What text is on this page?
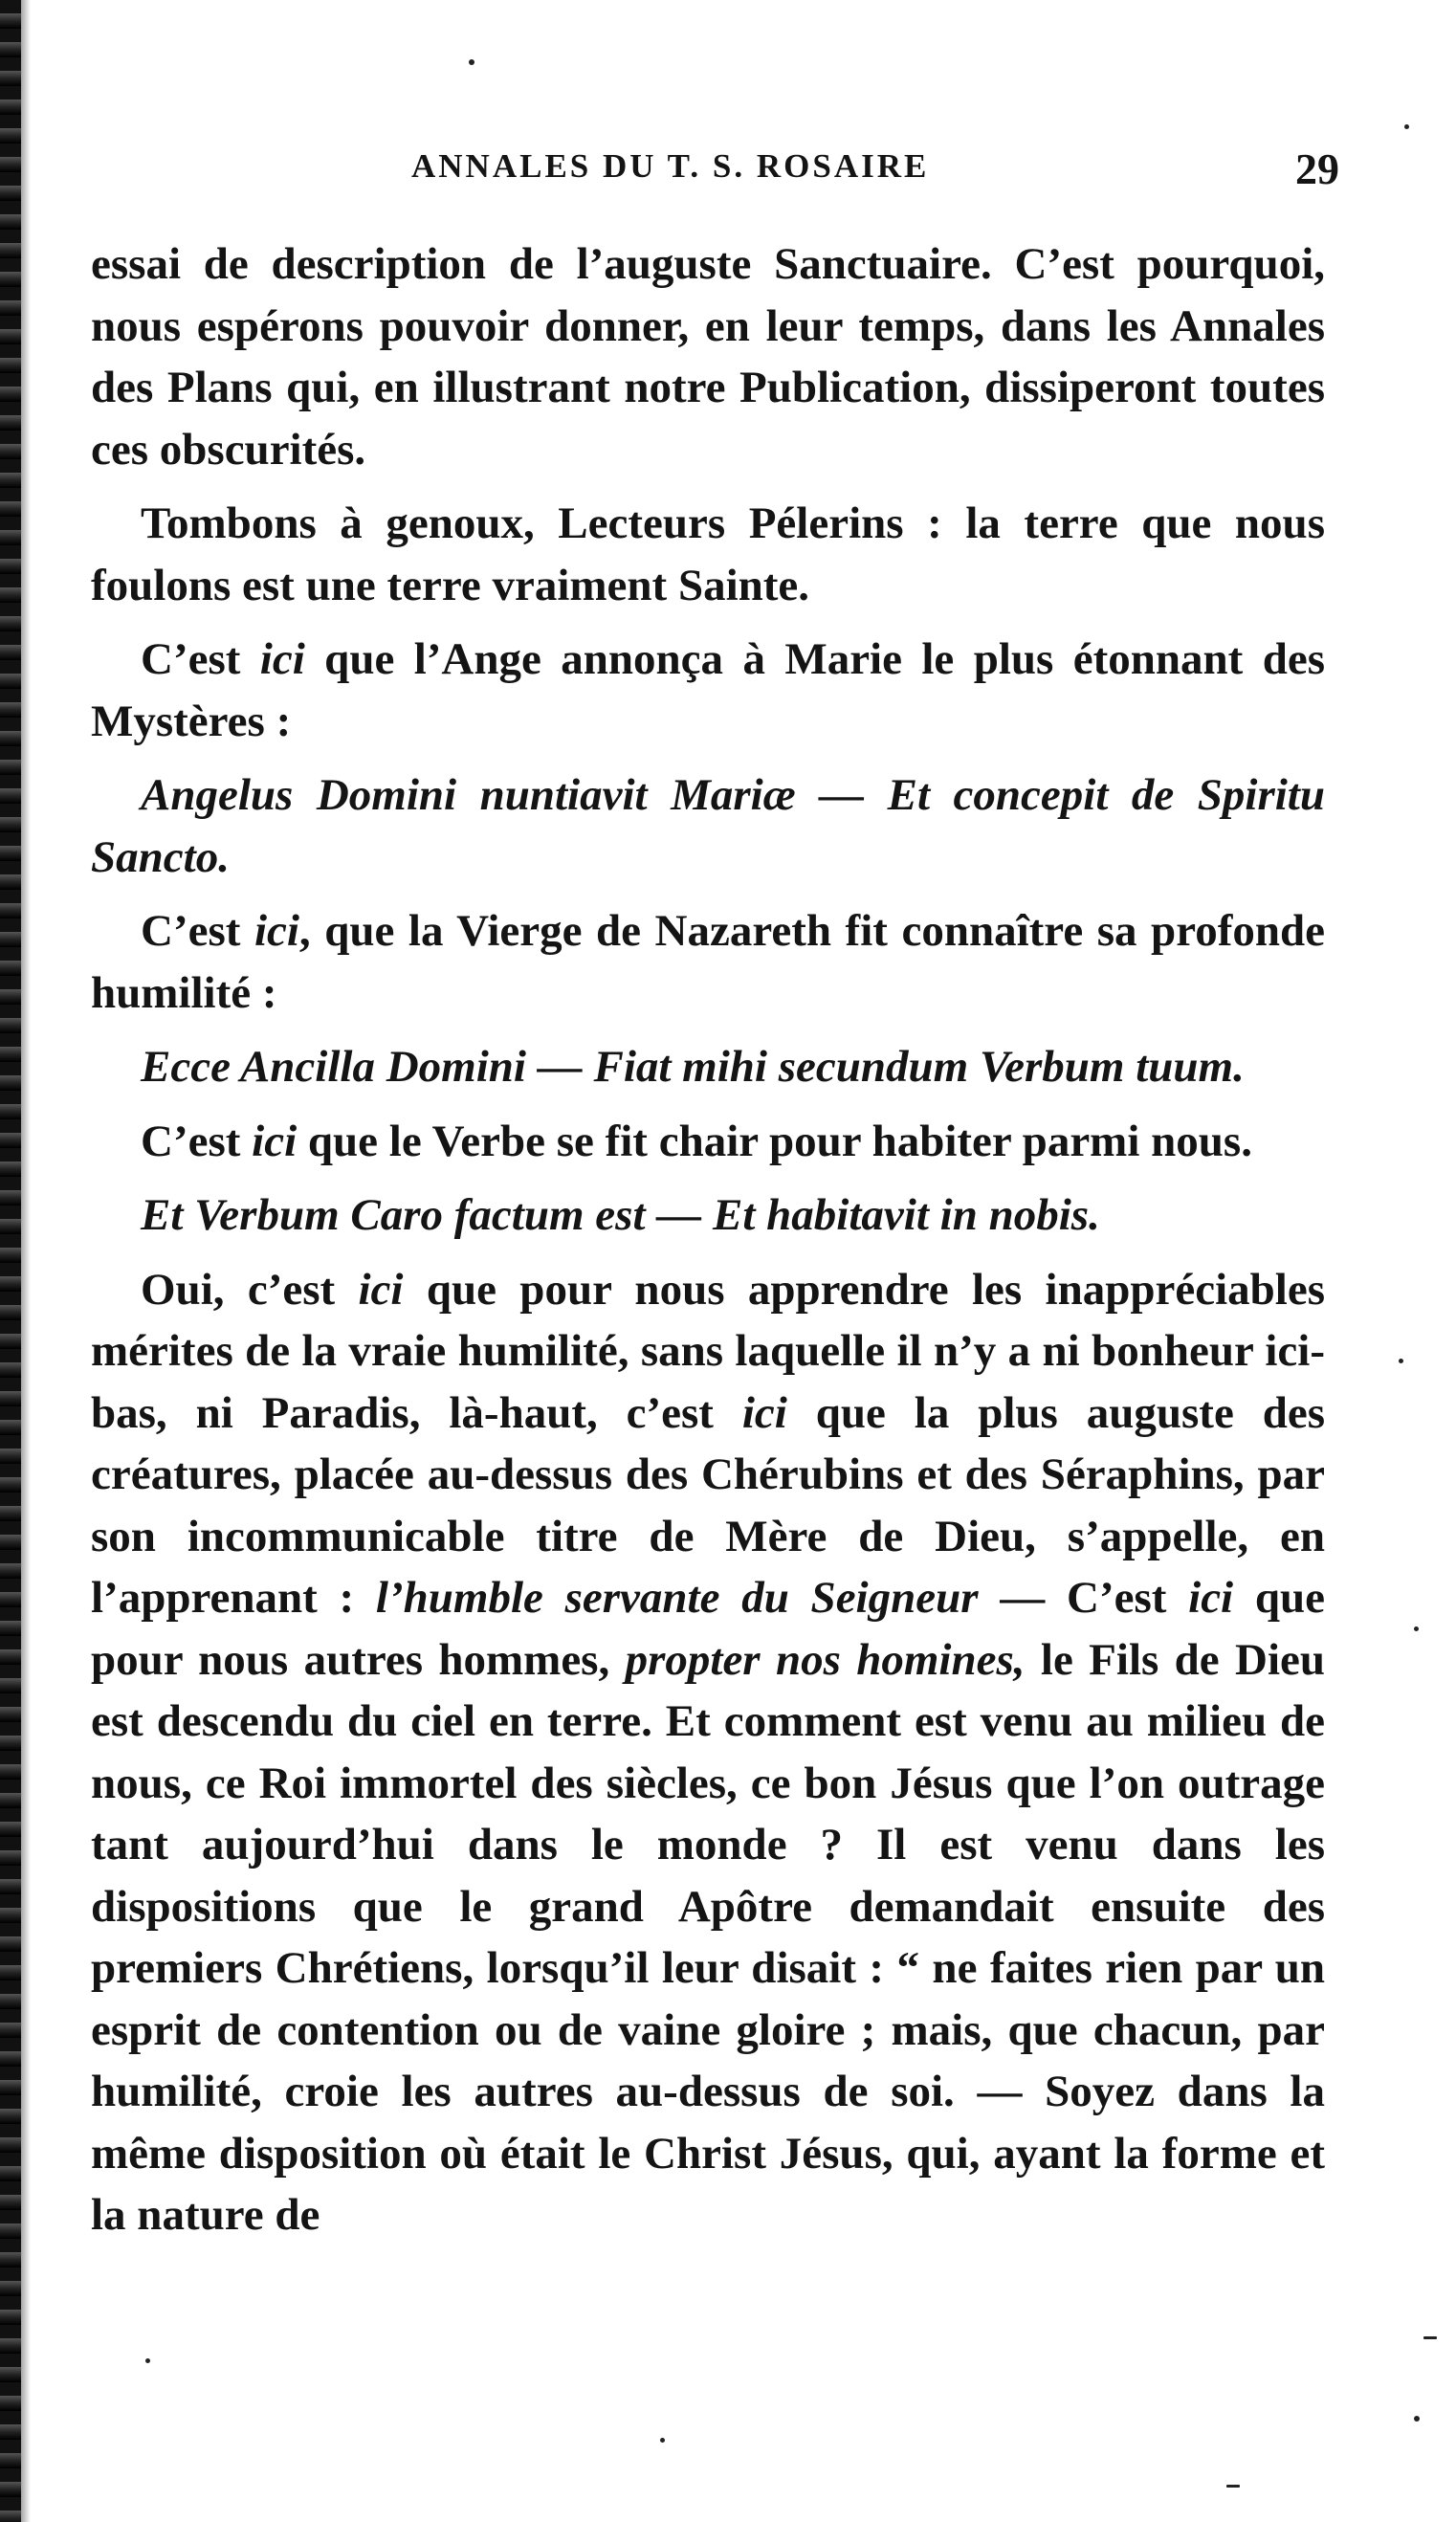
ANNALES DU T. S. ROSAIRE	29

essai de description de l’auguste Sanctuaire. C’est pourquoi, nous espérons pouvoir donner, en leur temps, dans les Annales des Plans qui, en illustrant notre Publication, dissiperont toutes ces obscurités.

Tombons à genoux, Lecteurs Pélerins : la terre que nous foulons est une terre vraiment Sainte.

C’est ici que l’Ange annonça à Marie le plus étonnant des Mystères :

Angelus Domini nuntiavit Mariæ — Et concepit de Spiritu Sancto.

C’est ici, que la Vierge de Nazareth fit connaître sa profonde humilité :

Ecce Ancilla Domini — Fiat mihi secundum Verbum tuum.

C’est ici que le Verbe se fit chair pour habiter parmi nous.

Et Verbum Caro factum est — Et habitavit in nobis.

Oui, c’est ici que pour nous apprendre les inappréciables mérites de la vraie humilité, sans laquelle il n’y a ni bonheur ici-bas, ni Paradis, là-haut, c’est ici que la plus auguste des créatures, placée au-dessus des Chérubins et des Séraphins, par son incommunicable titre de Mère de Dieu, s’appelle, en l’apprenant : l’humble servante du Seigneur — C’est ici que pour nous autres hommes, propter nos homines, le Fils de Dieu est descendu du ciel en terre. Et comment est venu au milieu de nous, ce Roi immortel des siècles, ce bon Jésus que l’on outrage tant aujourd’hui dans le monde ? Il est venu dans les dispositions que le grand Apôtre demandait ensuite des premiers Chrétiens, lorsqu’il leur disait : “ ne faites rien par un esprit de contention ou de vaine gloire ; mais, que chacun, par humilité, croie les autres au-dessus de soi. — Soyez dans la même disposition où était le Christ Jésus, qui, ayant la forme et la nature de
